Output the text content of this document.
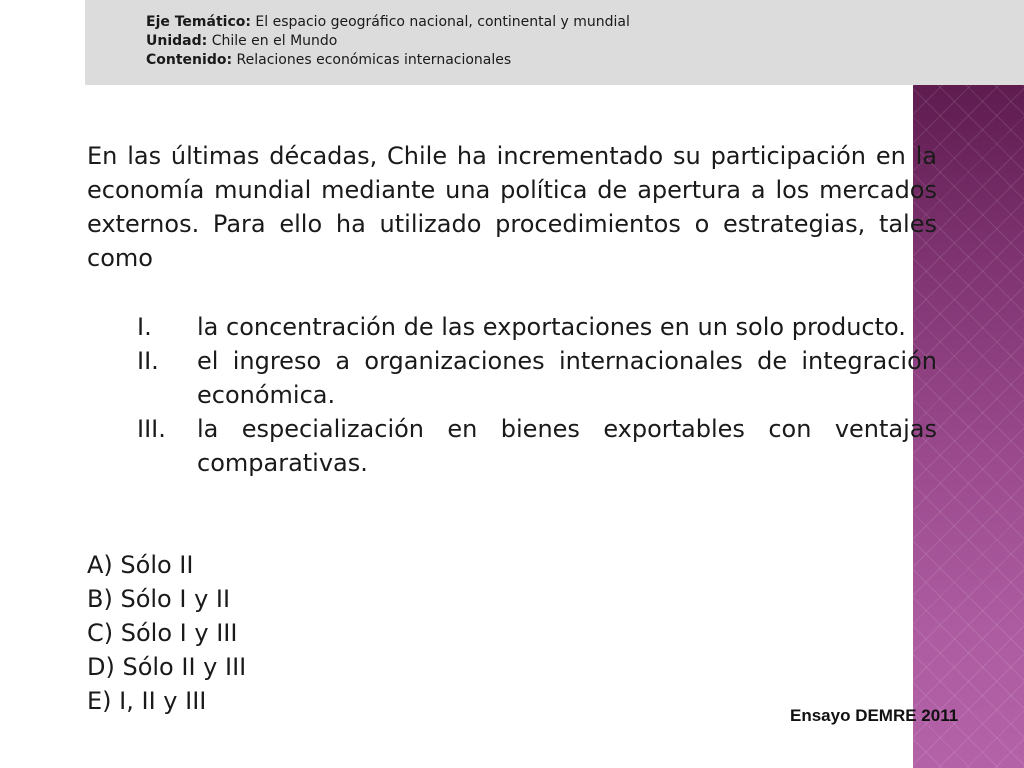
Eje Temático: El espacio geográfico nacional, continental y mundial
Unidad: Chile en el Mundo
Contenido: Relaciones económicas internacionales
En las últimas décadas, Chile ha incrementado su participación en la economía mundial mediante una política de apertura a los mercados externos. Para ello ha utilizado procedimientos o estrategias, tales como
I.	la concentración de las exportaciones en un solo producto.
II.	el ingreso a organizaciones internacionales de integración económica.
III.	la especialización en bienes exportables con ventajas comparativas.
A) Sólo II
B) Sólo I y II
C) Sólo I y III
D) Sólo II y III
E) I, II y III
Ensayo DEMRE 2011
